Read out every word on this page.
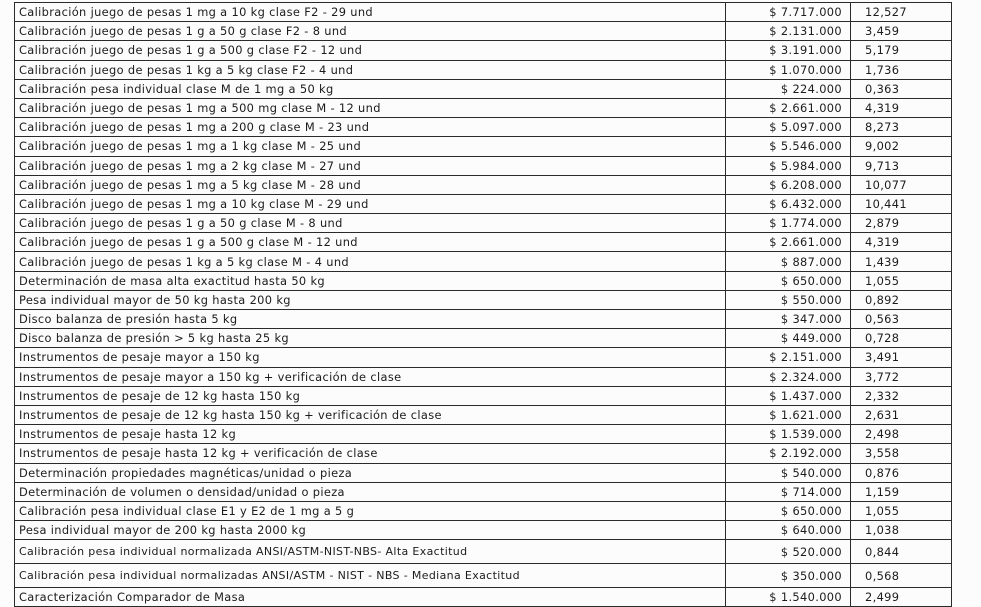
Calibración juego de pesas 1 mg a 10 kg clase F2 - 29 und	$ 7.717.000	12,527
Calibración juego de pesas 1 g a 50 g clase F2 - 8 und	$ 2.131.000	3,459
Calibración juego de pesas 1 g a 500 g clase F2 - 12 und	$ 3.191.000	5,179
Calibración juego de pesas 1 kg a 5 kg clase F2 - 4 und	$ 1.070.000	1,736
Calibración pesa individual clase M de 1 mg a 50 kg	$ 224.000	0,363
Calibración juego de pesas 1 mg a 500 mg clase M - 12 und	$ 2.661.000	4,319
Calibración juego de pesas 1 mg a 200 g clase M - 23 und	$ 5.097.000	8,273
Calibración juego de pesas 1 mg a 1 kg clase M - 25 und	$ 5.546.000	9,002
Calibración juego de pesas 1 mg a 2 kg clase M - 27 und	$ 5.984.000	9,713
Calibración juego de pesas 1 mg a 5 kg clase M - 28 und	$ 6.208.000	10,077
Calibración juego de pesas 1 mg a 10 kg clase M - 29 und	$ 6.432.000	10,441
Calibración juego de pesas 1 g a 50 g clase M - 8 und	$ 1.774.000	2,879
Calibración juego de pesas 1 g a 500 g clase M - 12 und	$ 2.661.000	4,319
Calibración juego de pesas 1 kg a 5 kg clase M - 4 und	$ 887.000	1,439
Determinación de masa alta exactitud hasta 50 kg	$ 650.000	1,055
Pesa individual mayor de 50 kg hasta 200 kg	$ 550.000	0,892
Disco balanza de presión hasta 5 kg	$ 347.000	0,563
Disco balanza de presión > 5 kg hasta 25 kg	$ 449.000	0,728
Instrumentos de pesaje mayor a 150 kg	$ 2.151.000	3,491
Instrumentos de pesaje mayor a 150 kg + verificación de clase	$ 2.324.000	3,772
Instrumentos de pesaje de 12 kg hasta 150 kg	$ 1.437.000	2,332
Instrumentos de pesaje de 12 kg hasta 150 kg + verificación de clase	$ 1.621.000	2,631
Instrumentos de pesaje hasta 12 kg	$ 1.539.000	2,498
Instrumentos de pesaje hasta 12 kg + verificación de clase	$ 2.192.000	3,558
Determinación propiedades magnéticas/unidad o pieza	$ 540.000	0,876
Determinación de volumen o densidad/unidad o pieza	$ 714.000	1,159
Calibración pesa individual clase E1 y E2 de 1 mg a 5 g	$ 650.000	1,055
Pesa individual mayor de 200 kg hasta 2000 kg	$ 640.000	1,038
Calibración pesa individual normalizada ANSI/ASTM-NIST-NBS- Alta Exactitud	$ 520.000	0,844
Calibración pesa individual normalizadas ANSI/ASTM - NIST - NBS - Mediana Exactitud	$ 350.000	0,568
Caracterización Comparador de Masa	$ 1.540.000	2,499
